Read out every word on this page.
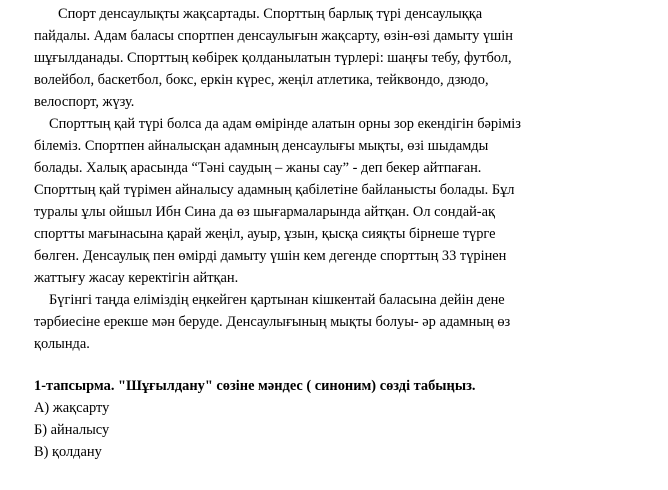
Спорт денсаулықты жақсартады. Спорттың барлық түрі денсаулыққа

пайдалы. Адам баласы спортпен денсаулығын жақсарту, өзін-өзі дамыту үшін

шұғылданады. Спорттың көбірек қолданылатын түрлері: шаңғы тебу, футбол,

волейбол, баскетбол, бокс, еркін күрес, жеңіл атлетика, тейквондо, дзюдо,

велоспорт, жүзу.

Спорттың қай түрі болса да адам өмірінде алатын орны зор екендігін бәріміз

білеміз. Спортпен айналысқан адамның денсаулығы мықты, өзі шыдамды

болады. Халық арасында “Тәні саудың – жаны сау” - деп бекер айтпаған.

Спорттың қай түрімен айналысу адамның қабілетіне байланысты болады. Бұл

туралы ұлы ойшыл Ибн Сина да өз шығармаларында айтқан. Ол сондай-ақ

спортты мағынасына қарай жеңіл, ауыр, ұзын, қысқа сияқты бірнеше түрге

бөлген. Денсаулық пен өмірді дамыту үшін кем дегенде спорттың 33 түрінен

жаттығу жасау керектігін айтқан.

Бүгінгі таңда еліміздің еңкейген қартынан кішкентай баласына дейін дене

тәрбиесіне ерекше мән беруде. Денсаулығының мықты болуы- әр адамның өз

қолында.

1-тапсырма. "Шұғылдану" сөзіне мәндес ( синоним) сөзді табыңыз.

А) жақсарту

Б) айналысу

В) қолдану
